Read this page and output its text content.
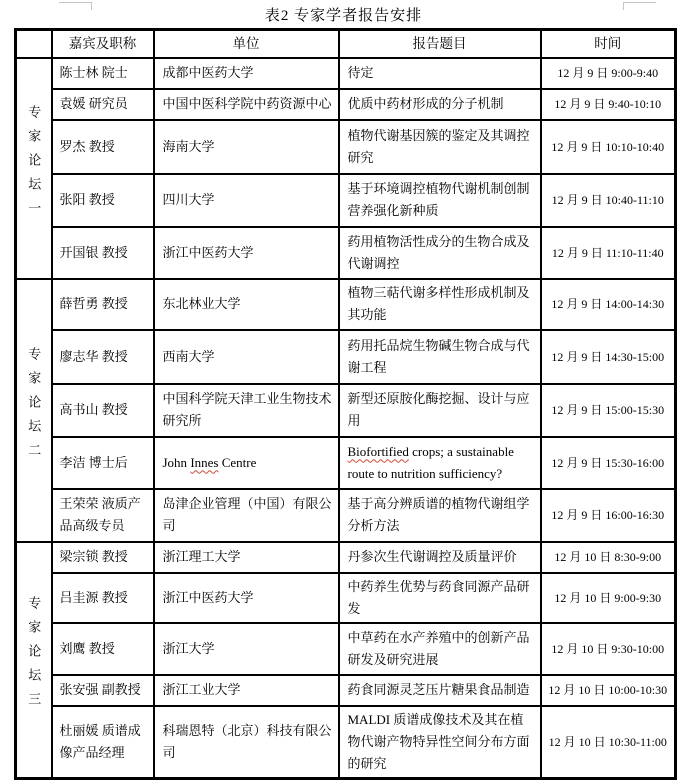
表2 专家学者报告安排
	嘉宾及职称	单位	报告题目	时间
专家论坛一	陈士林 院士	成都中医药大学	待定	12 月 9 日 9:00-9:40
	袁媛 研究员	中国中医科学院中药资源中心	优质中药材形成的分子机制	12 月 9 日 9:40-10:10
	罗杰 教授	海南大学	植物代谢基因簇的鉴定及其调控研究	12 月 9 日 10:10-10:40
	张阳 教授	四川大学	基于环境调控植物代谢机制创制营养强化新种质	12 月 9 日 10:40-11:10
	开国银 教授	浙江中医药大学	药用植物活性成分的生物合成及代谢调控	12 月 9 日 11:10-11:40
专家论坛二	薛哲勇 教授	东北林业大学	植物三萜代谢多样性形成机制及其功能	12 月 9 日 14:00-14:30
	廖志华 教授	西南大学	药用托品烷生物碱生物合成与代谢工程	12 月 9 日 14:30-15:00
	高书山 教授	中国科学院天津工业生物技术研究所	新型还原胺化酶挖掘、设计与应用	12 月 9 日 15:00-15:30
	李洁 博士后	John Innes Centre	Biofortified crops; a sustainable route to nutrition sufficiency?	12 月 9 日 15:30-16:00
	王荣荣 液质产品高级专员	岛津企业管理（中国）有限公司	基于高分辨质谱的植物代谢组学分析方法	12 月 9 日 16:00-16:30
专家论坛三	梁宗锁 教授	浙江理工大学	丹参次生代谢调控及质量评价	12 月 10 日 8:30-9:00
	吕圭源 教授	浙江中医药大学	中药养生优势与药食同源产品研发	12 月 10 日 9:00-9:30
	刘鹰 教授	浙江大学	中草药在水产养殖中的创新产品研发及研究进展	12 月 10 日 9:30-10:00
	张安强 副教授	浙江工业大学	药食同源灵芝压片糖果食品制造	12 月 10 日 10:00-10:30
	杜丽媛 质谱成像产品经理	科瑞恩特（北京）科技有限公司	MALDI 质谱成像技术及其在植物代谢产物特异性空间分布方面的研究	12 月 10 日 10:30-11:00
